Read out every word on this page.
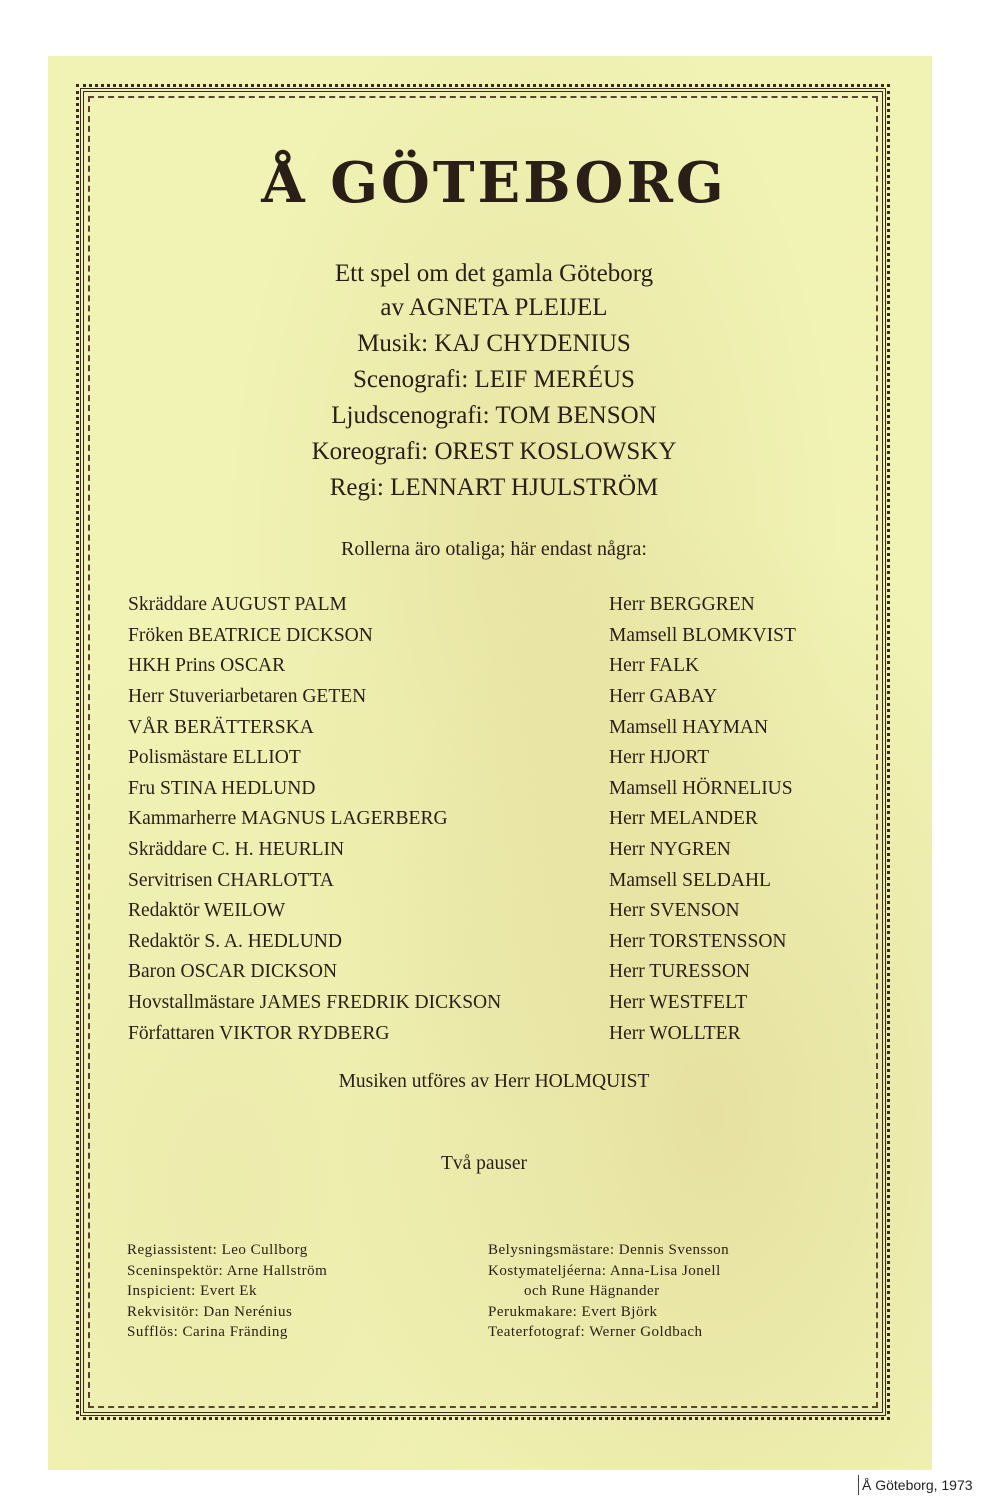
Å GÖTEBORG
Ett spel om det gamla Göteborg
av AGNETA PLEIJEL
Musik: KAJ CHYDENIUS
Scenografi: LEIF MERÉUS
Ljudscenografi: TOM BENSON
Koreografi: OREST KOSLOWSKY
Regi: LENNART HJULSTRÖM
Rollerna äro otaliga; här endast några:
Skräddare AUGUST PALM	Herr BERGGREN
Fröken BEATRICE DICKSON	Mamsell BLOMKVIST
HKH Prins OSCAR	Herr FALK
Herr Stuveriarbetaren GETEN	Herr GABAY
VÅR BERÄTTERSKA	Mamsell HAYMAN
Polismästare ELLIOT	Herr HJORT
Fru STINA HEDLUND	Mamsell HÖRNELIUS
Kammarherre MAGNUS LAGERBERG	Herr MELANDER
Skräddare C. H. HEURLIN	Herr NYGREN
Servitrisen CHARLOTTA	Mamsell SELDAHL
Redaktör WEILOW	Herr SVENSON
Redaktör S. A. HEDLUND	Herr TORSTENSSON
Baron OSCAR DICKSON	Herr TURESSON
Hovstallmästare JAMES FREDRIK DICKSON	Herr WESTFELT
Författaren VIKTOR RYDBERG	Herr WOLLTER
Musiken utföres av Herr HOLMQUIST
Två pauser
Regiassistent: Leo Cullborg
Sceninspektör: Arne Hallström
Inspicient: Evert Ek
Rekvisitör: Dan Nerénius
Sufflös: Carina Fränding
Belysningsmästare: Dennis Svensson
Kostymateljéerna: Anna-Lisa Jonell
och Rune Hägnander
Perukmakare: Evert Björk
Teaterfotograf: Werner Goldbach
Å Göteborg, 1973
